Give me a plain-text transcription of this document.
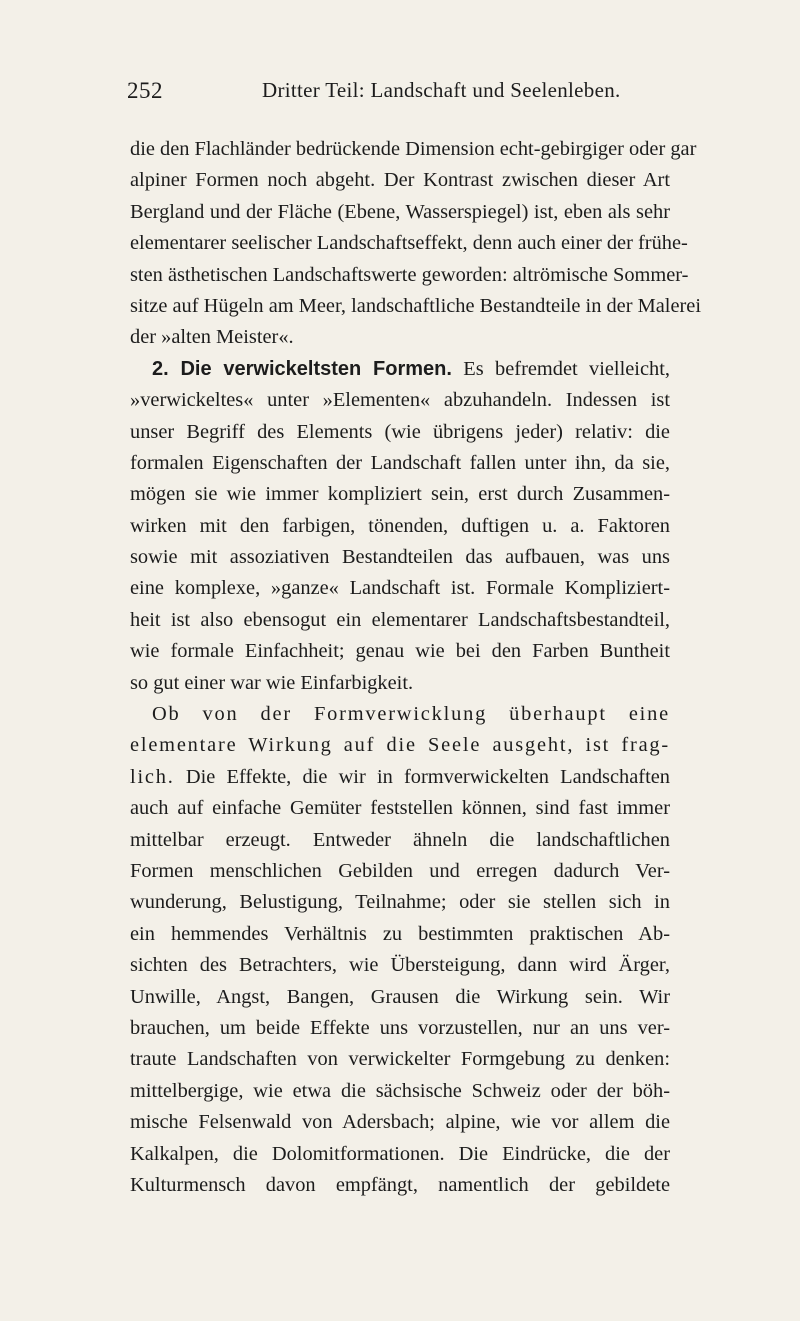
252	Dritter Teil: Landschaft und Seelenleben.
die den Flachländer bedrückende Dimension echt-gebirgiger oder gar
alpiner Formen noch abgeht. Der Kontrast zwischen dieser Art
Bergland und der Fläche (Ebene, Wasserspiegel) ist, eben als sehr
elementarer seelischer Landschaftseffekt, denn auch einer der frühe-
sten ästhetischen Landschaftswerte geworden: altrömische Sommer-
sitze auf Hügeln am Meer, landschaftliche Bestandteile in der Malerei
der »alten Meister«.
2. Die verwickeltsten Formen. Es befremdet vielleicht,
»verwickeltes« unter »Elementen« abzuhandeln. Indessen ist
unser Begriff des Elements (wie übrigens jeder) relativ: die
formalen Eigenschaften der Landschaft fallen unter ihn, da sie,
mögen sie wie immer kompliziert sein, erst durch Zusammen-
wirken mit den farbigen, tönenden, duftigen u. a. Faktoren
sowie mit assoziativen Bestandteilen das aufbauen, was uns
eine komplexe, »ganze« Landschaft ist. Formale Kompliziert-
heit ist also ebensogut ein elementarer Landschaftsbestandteil,
wie formale Einfachheit; genau wie bei den Farben Buntheit
so gut einer war wie Einfarbigkeit.
Ob von der Formverwicklung überhaupt eine
elementare Wirkung auf die Seele ausgeht, ist frag-
lich. Die Effekte, die wir in formverwickelten Landschaften
auch auf einfache Gemüter feststellen können, sind fast immer
mittelbar erzeugt. Entweder ähneln die landschaftlichen
Formen menschlichen Gebilden und erregen dadurch Ver-
wunderung, Belustigung, Teilnahme; oder sie stellen sich in
ein hemmendes Verhältnis zu bestimmten praktischen Ab-
sichten des Betrachters, wie Übersteigung, dann wird Ärger,
Unwille, Angst, Bangen, Grausen die Wirkung sein. Wir
brauchen, um beide Effekte uns vorzustellen, nur an uns ver-
traute Landschaften von verwickelter Formgebung zu denken:
mittelbergige, wie etwa die sächsische Schweiz oder der böh-
mische Felsenwald von Adersbach; alpine, wie vor allem die
Kalkalpen, die Dolomitformationen. Die Eindrücke, die der
Kulturmensch davon empfängt, namentlich der gebildete
